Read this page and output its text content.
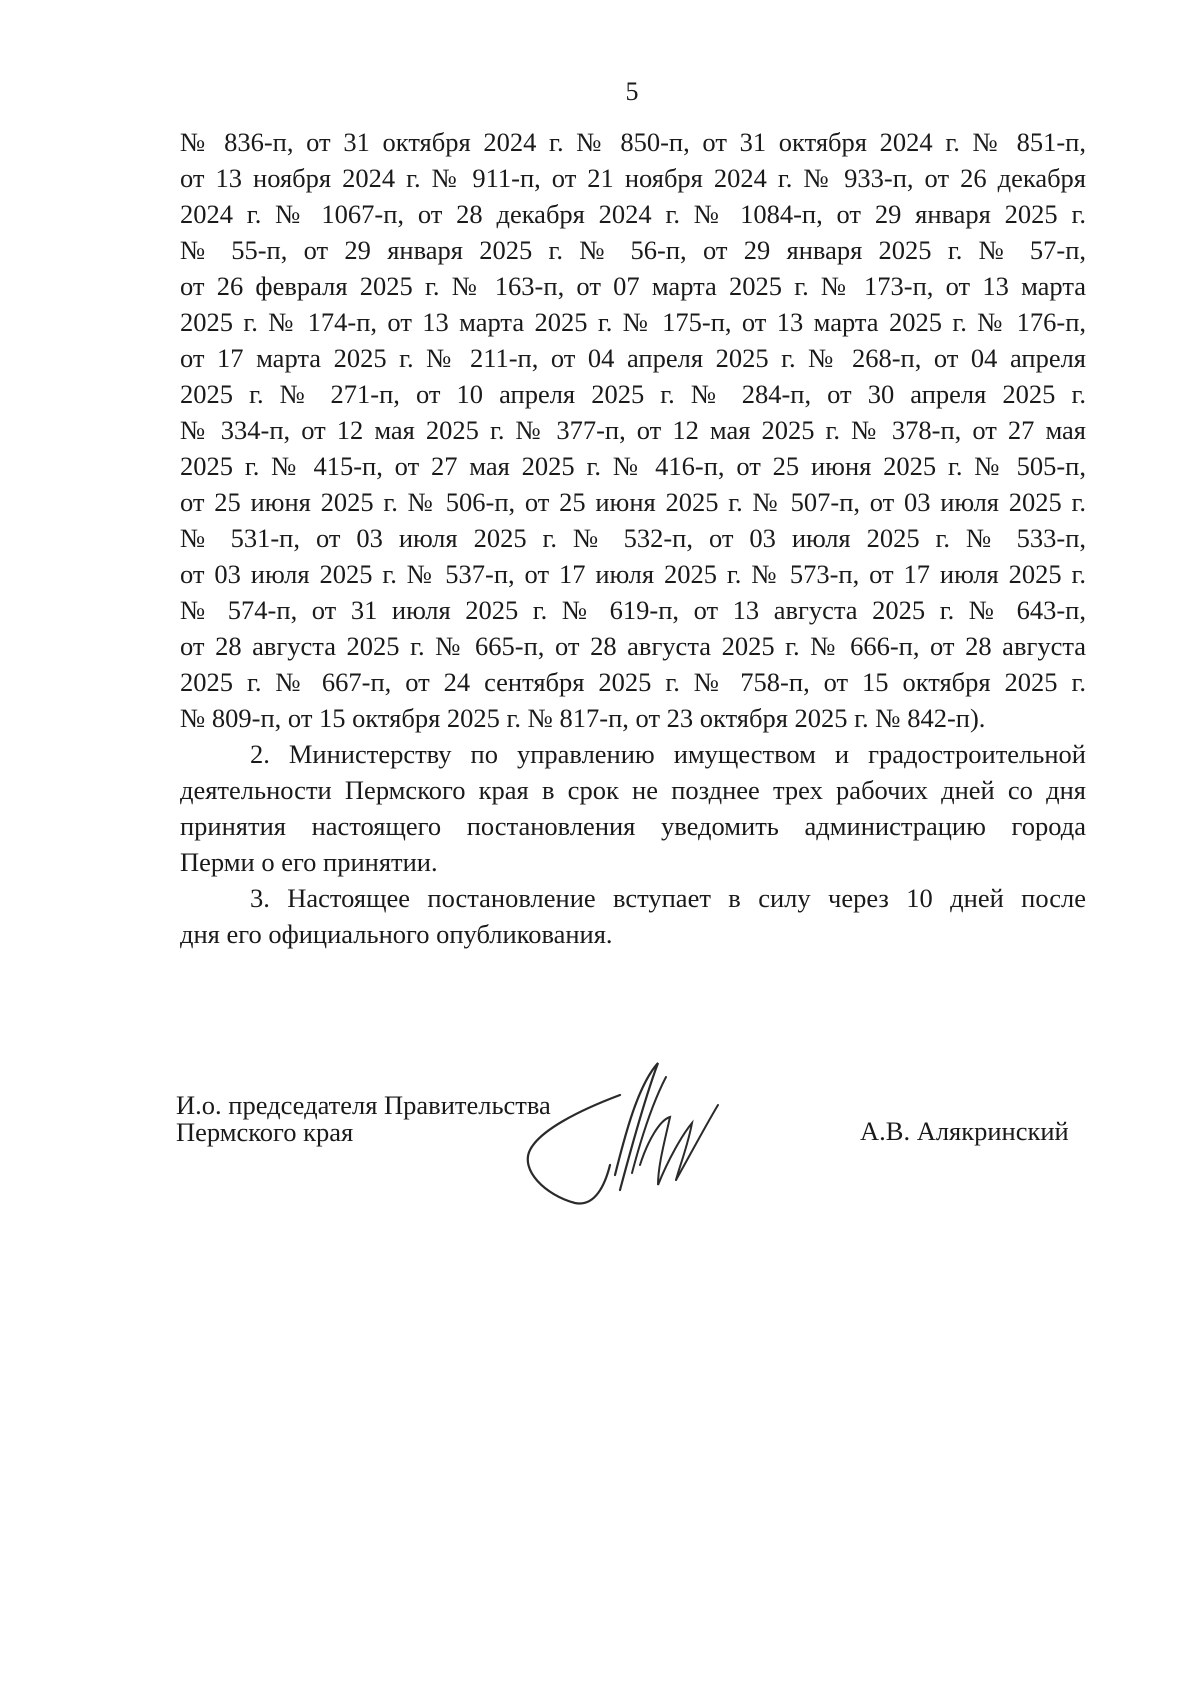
5
№ 836-п, от 31 октября 2024 г. № 850-п, от 31 октября 2024 г. № 851-п,
от 13 ноября 2024 г. № 911-п, от 21 ноября 2024 г. № 933-п, от 26 декабря
2024 г. № 1067-п, от 28 декабря 2024 г. № 1084-п, от 29 января 2025 г.
№ 55-п, от 29 января 2025 г. № 56-п, от 29 января 2025 г. № 57-п,
от 26 февраля 2025 г. № 163-п, от 07 марта 2025 г. № 173-п, от 13 марта
2025 г. № 174-п, от 13 марта 2025 г. № 175-п, от 13 марта 2025 г. № 176-п,
от 17 марта 2025 г. № 211-п, от 04 апреля 2025 г. № 268-п, от 04 апреля
2025 г. № 271-п, от 10 апреля 2025 г. № 284-п, от 30 апреля 2025 г.
№ 334-п, от 12 мая 2025 г. № 377-п, от 12 мая 2025 г. № 378-п, от 27 мая
2025 г. № 415-п, от 27 мая 2025 г. № 416-п, от 25 июня 2025 г. № 505-п,
от 25 июня 2025 г. № 506-п, от 25 июня 2025 г. № 507-п, от 03 июля 2025 г.
№ 531-п, от 03 июля 2025 г. № 532-п, от 03 июля 2025 г. № 533-п,
от 03 июля 2025 г. № 537-п, от 17 июля 2025 г. № 573-п, от 17 июля 2025 г.
№ 574-п, от 31 июля 2025 г. № 619-п, от 13 августа 2025 г. № 643-п,
от 28 августа 2025 г. № 665-п, от 28 августа 2025 г. № 666-п, от 28 августа
2025 г. № 667-п, от 24 сентября 2025 г. № 758-п, от 15 октября 2025 г.
№ 809-п, от 15 октября 2025 г. № 817-п, от 23 октября 2025 г. № 842-п).
2. Министерству по управлению имуществом и градостроительной
деятельности Пермского края в срок не позднее трех рабочих дней со дня
принятия настоящего постановления уведомить администрацию города
Перми о его принятии.
3. Настоящее постановление вступает в силу через 10 дней после
дня его официального опубликования.
И.о. председателя Правительства
Пермского края	А.В. Алякринский
